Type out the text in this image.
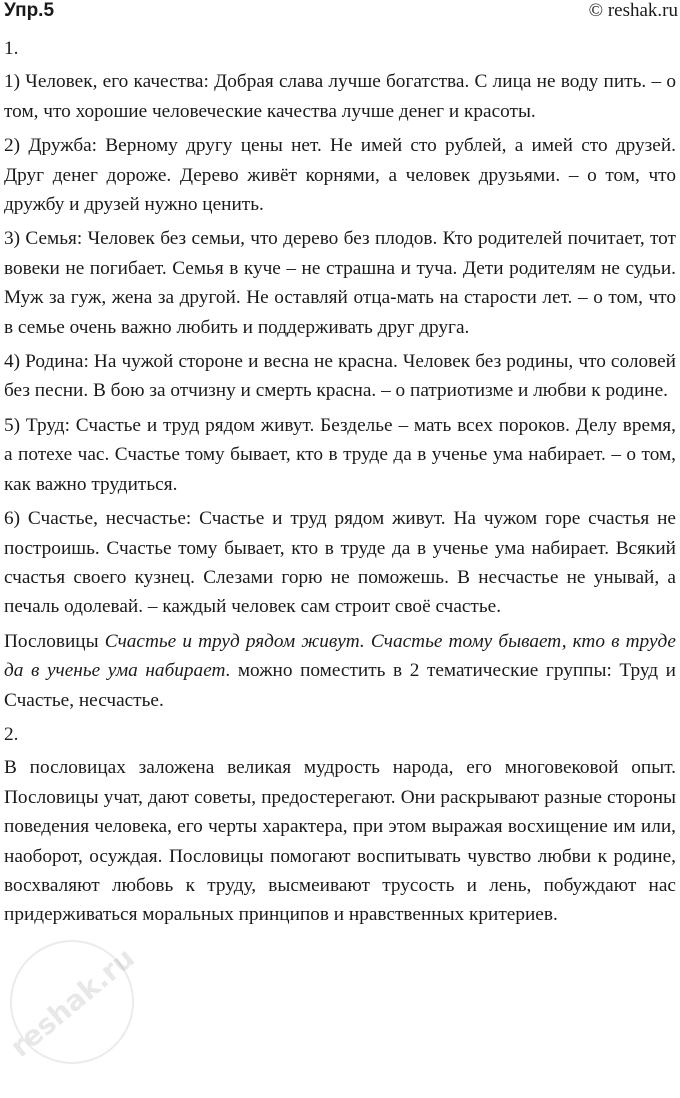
Упр.5	© reshak.ru

1.

1) Человек, его качества: Добрая слава лучше богатства. С лица не воду пить. – о том, что хорошие человеческие качества лучше денег и красоты.

2) Дружба: Верному другу цены нет. Не имей сто рублей, а имей сто друзей. Друг денег дороже. Дерево живёт корнями, а человек друзьями. – о том, что дружбу и друзей нужно ценить.

3) Семья: Человек без семьи, что дерево без плодов. Кто родителей почитает, тот вовеки не погибает. Семья в куче – не страшна и туча. Дети родителям не судьи. Муж за гуж, жена за другой. Не оставляй отца-мать на старости лет. – о том, что в семье очень важно любить и поддерживать друг друга.

4) Родина: На чужой стороне и весна не красна. Человек без родины, что соловей без песни. В бою за отчизну и смерть красна. – о патриотизме и любви к родине.

5) Труд: Счастье и труд рядом живут. Безделье – мать всех пороков. Делу время, а потехе час. Счастье тому бывает, кто в труде да в ученье ума набирает. – о том, как важно трудиться.

6) Счастье, несчастье: Счастье и труд рядом живут. На чужом горе счастья не построишь. Счастье тому бывает, кто в труде да в ученье ума набирает. Всякий счастья своего кузнец. Слезами горю не поможешь. В несчастье не унывай, а печаль одолевай. – каждый человек сам строит своё счастье.

Пословицы Счастье и труд рядом живут. Счастье тому бывает, кто в труде да в ученье ума набирает. можно поместить в 2 тематические группы: Труд и Счастье, несчастье.

2.

В пословицах заложена великая мудрость народа, его многовековой опыт. Пословицы учат, дают советы, предостерегают. Они раскрывают разные стороны поведения человека, его черты характера, при этом выражая восхищение им или, наоборот, осуждая. Пословицы помогают воспитывать чувство любви к родине, восхваляют любовь к труду, высмеивают трусость и лень, побуждают нас придерживаться моральных принципов и нравственных критериев.

reshak.ru
